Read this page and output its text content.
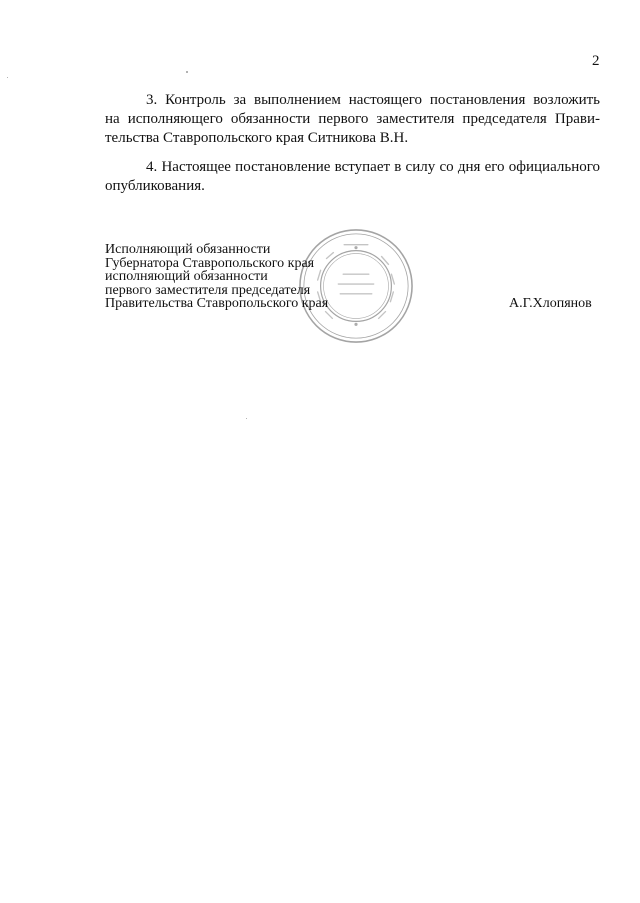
2
3. Контроль за выполнением настоящего постановления возложить
на исполняющего обязанности первого заместителя председателя Прави-
тельства Ставропольского края Ситникова В.Н.
4. Настоящее постановление вступает в силу со дня его официального
опубликования.
Исполняющий обязанности
Губернатора Ставропольского края
исполняющий обязанности
первого заместителя председателя
Правительства Ставропольского края	А.Г.Хлопянов
